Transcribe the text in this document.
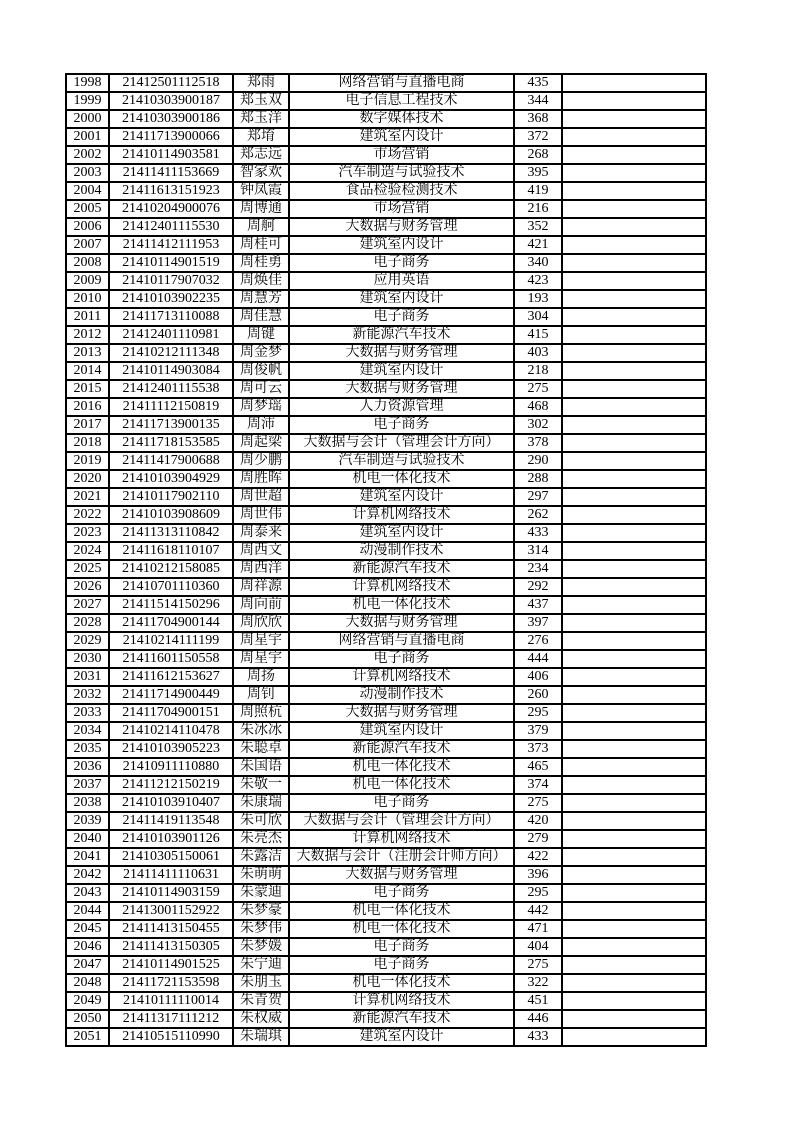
1998	21412501112518	郑雨	网络营销与直播电商	435	
1999	21410303900187	郑玉双	电子信息工程技术	344	
2000	21410303900186	郑玉洋	数字媒体技术	368	
2001	21411713900066	郑堉	建筑室内设计	372	
2002	21410114903581	郑志远	市场营销	268	
2003	21411411153669	智家欢	汽车制造与试验技术	395	
2004	21411613151923	钟凤霞	食品检验检测技术	419	
2005	21410204900076	周博通	市场营销	216	
2006	21412401115530	周舸	大数据与财务管理	352	
2007	21411412111953	周桂可	建筑室内设计	421	
2008	21410114901519	周桂勇	电子商务	340	
2009	21410117907032	周焕佳	应用英语	423	
2010	21410103902235	周慧芳	建筑室内设计	193	
2011	21411713110088	周佳慧	电子商务	304	
2012	21412401110981	周键	新能源汽车技术	415	
2013	21410212111348	周金梦	大数据与财务管理	403	
2014	21410114903084	周俊帆	建筑室内设计	218	
2015	21412401115538	周可云	大数据与财务管理	275	
2016	21411112150819	周梦瑶	人力资源管理	468	
2017	21411713900135	周沛	电子商务	302	
2018	21411718153585	周起梁	大数据与会计（管理会计方向）	378	
2019	21411417900688	周少鹏	汽车制造与试验技术	290	
2020	21410103904929	周胜晖	机电一体化技术	288	
2021	21410117902110	周世超	建筑室内设计	297	
2022	21410103908609	周世伟	计算机网络技术	262	
2023	21411313110842	周泰来	建筑室内设计	433	
2024	21411618110107	周西文	动漫制作技术	314	
2025	21410212158085	周西洋	新能源汽车技术	234	
2026	21410701110360	周祥源	计算机网络技术	292	
2027	21411514150296	周向前	机电一体化技术	437	
2028	21411704900144	周欣欣	大数据与财务管理	397	
2029	21410214111199	周星宇	网络营销与直播电商	276	
2030	21411601150558	周星宇	电子商务	444	
2031	21411612153627	周扬	计算机网络技术	406	
2032	21411714900449	周钊	动漫制作技术	260	
2033	21411704900151	周照杭	大数据与财务管理	295	
2034	21410214110478	朱冰冰	建筑室内设计	379	
2035	21410103905223	朱聪卓	新能源汽车技术	373	
2036	21410911110880	朱国语	机电一体化技术	465	
2037	21411212150219	朱敬一	机电一体化技术	374	
2038	21410103910407	朱康瑞	电子商务	275	
2039	21411419113548	朱可欣	大数据与会计（管理会计方向）	420	
2040	21410103901126	朱亮杰	计算机网络技术	279	
2041	21410305150061	朱露洁	大数据与会计（注册会计师方向）	422	
2042	21411411110631	朱萌萌	大数据与财务管理	396	
2043	21410114903159	朱蒙迪	电子商务	295	
2044	21413001152922	朱梦豪	机电一体化技术	442	
2045	21411413150455	朱梦伟	机电一体化技术	471	
2046	21411413150305	朱梦媛	电子商务	404	
2047	21410114901525	朱宁迪	电子商务	275	
2048	21411721153598	朱朋玉	机电一体化技术	322	
2049	21410111110014	朱青贺	计算机网络技术	451	
2050	21411317111212	朱权威	新能源汽车技术	446	
2051	21410515110990	朱瑞琪	建筑室内设计	433	
